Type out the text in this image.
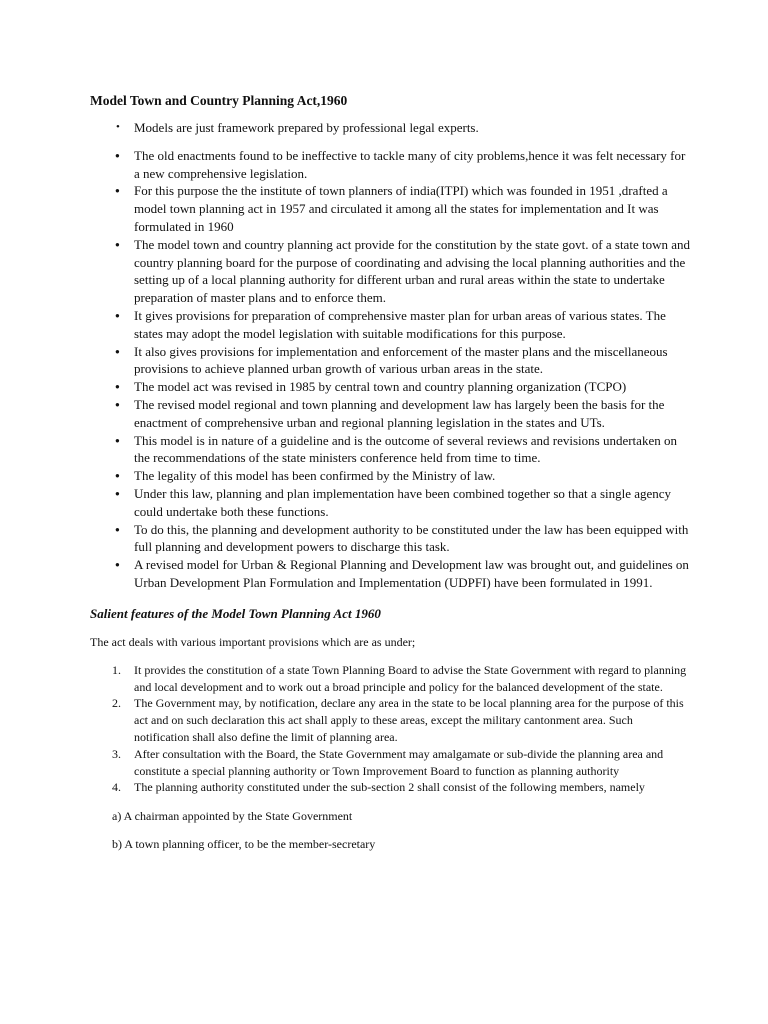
Model Town and Country Planning Act,1960
• Models are just framework prepared by professional legal experts.
● The old enactments found to be ineffective to tackle many of city problems,hence it was felt necessary for a new comprehensive legislation.
● For this purpose the the institute of town planners of india(ITPI) which was founded in 1951 ,drafted a model town planning act in 1957 and circulated it among all the states for implementation and It was formulated in 1960
● The model town and country planning act provide for the constitution by the state govt. of a state town and country planning board for the purpose of coordinating and advising the local planning authorities and the setting up of a local planning authority for different urban and rural areas within the state to undertake preparation of master plans and to enforce them.
● It gives provisions for preparation of comprehensive master plan for urban areas of various states. The states may adopt the model legislation with suitable modifications for this purpose.
● It also gives provisions for implementation and enforcement of the master plans and the miscellaneous provisions to achieve planned urban growth of various urban areas in the state.
● The model act was revised in 1985 by central town and country planning organization (TCPO)
● The revised model regional and town planning and development law has largely been the basis for the enactment of comprehensive urban and regional planning legislation in the states and UTs.
● This model is in nature of a guideline and is the outcome of several reviews and revisions undertaken on the recommendations of the state ministers conference held from time to time.
● The legality of this model has been confirmed by the Ministry of law.
● Under this law, planning and plan implementation have been combined together so that a single agency could undertake both these functions.
● To do this, the planning and development authority to be constituted under the law has been equipped with full planning and development powers to discharge this task.
● A revised model for Urban & Regional Planning and Development law was brought out, and guidelines on Urban Development Plan Formulation and Implementation (UDPFI) have been formulated in 1991.
Salient features of the Model Town Planning Act 1960
The act deals with various important provisions which are as under;
1. It provides the constitution of a state Town Planning Board to advise the State Government with regard to planning and local development and to work out a broad principle and policy for the balanced development of the state.
2. The Government may, by notification, declare any area in the state to be local planning area for the purpose of this act and on such declaration this act shall apply to these areas, except the military cantonment area. Such notification shall also define the limit of planning area.
3. After consultation with the Board, the State Government may amalgamate or sub-divide the planning area and constitute a special planning authority or Town Improvement Board to function as planning authority
4. The planning authority constituted under the sub-section 2 shall consist of the following members, namely
a) A chairman appointed by the State Government
b) A town planning officer, to be the member-secretary
